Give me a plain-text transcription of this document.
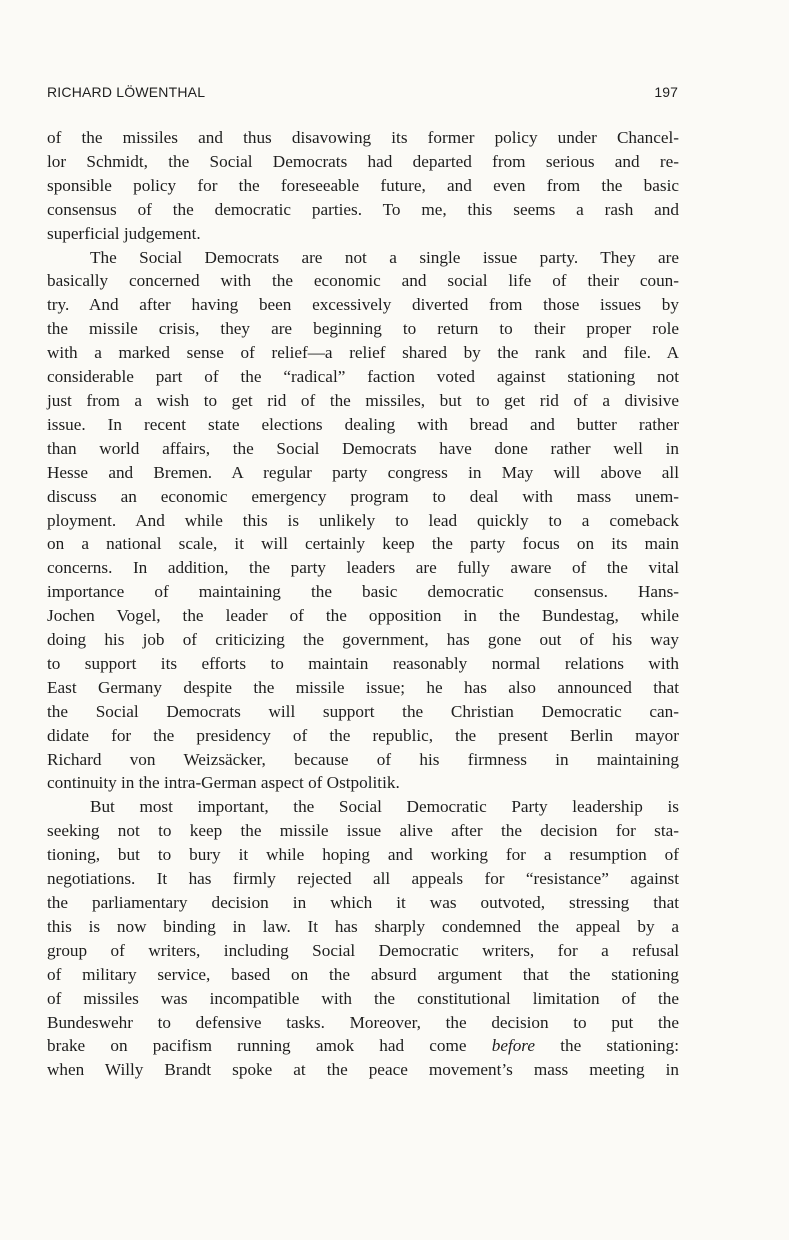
RICHARD LÖWENTHAL	197

of the missiles and thus disavowing its former policy under Chancel-
lor Schmidt, the Social Democrats had departed from serious and re-
sponsible policy for the foreseeable future, and even from the basic
consensus of the democratic parties. To me, this seems a rash and
superficial judgement.

The Social Democrats are not a single issue party. They are
basically concerned with the economic and social life of their coun-
try. And after having been excessively diverted from those issues by
the missile crisis, they are beginning to return to their proper role
with a marked sense of relief—a relief shared by the rank and file. A
considerable part of the “radical” faction voted against stationing not
just from a wish to get rid of the missiles, but to get rid of a divisive
issue. In recent state elections dealing with bread and butter rather
than world affairs, the Social Democrats have done rather well in
Hesse and Bremen. A regular party congress in May will above all
discuss an economic emergency program to deal with mass unem-
ployment. And while this is unlikely to lead quickly to a comeback
on a national scale, it will certainly keep the party focus on its main
concerns. In addition, the party leaders are fully aware of the vital
importance of maintaining the basic democratic consensus. Hans-
Jochen Vogel, the leader of the opposition in the Bundestag, while
doing his job of criticizing the government, has gone out of his way
to support its efforts to maintain reasonably normal relations with
East Germany despite the missile issue; he has also announced that
the Social Democrats will support the Christian Democratic can-
didate for the presidency of the republic, the present Berlin mayor
Richard von Weizsäcker, because of his firmness in maintaining
continuity in the intra-German aspect of Ostpolitik.

But most important, the Social Democratic Party leadership is
seeking not to keep the missile issue alive after the decision for sta-
tioning, but to bury it while hoping and working for a resumption of
negotiations. It has firmly rejected all appeals for “resistance” against
the parliamentary decision in which it was outvoted, stressing that
this is now binding in law. It has sharply condemned the appeal by a
group of writers, including Social Democratic writers, for a refusal
of military service, based on the absurd argument that the stationing
of missiles was incompatible with the constitutional limitation of the
Bundeswehr to defensive tasks. Moreover, the decision to put the
brake on pacifism running amok had come before the stationing:
when Willy Brandt spoke at the peace movement’s mass meeting in
